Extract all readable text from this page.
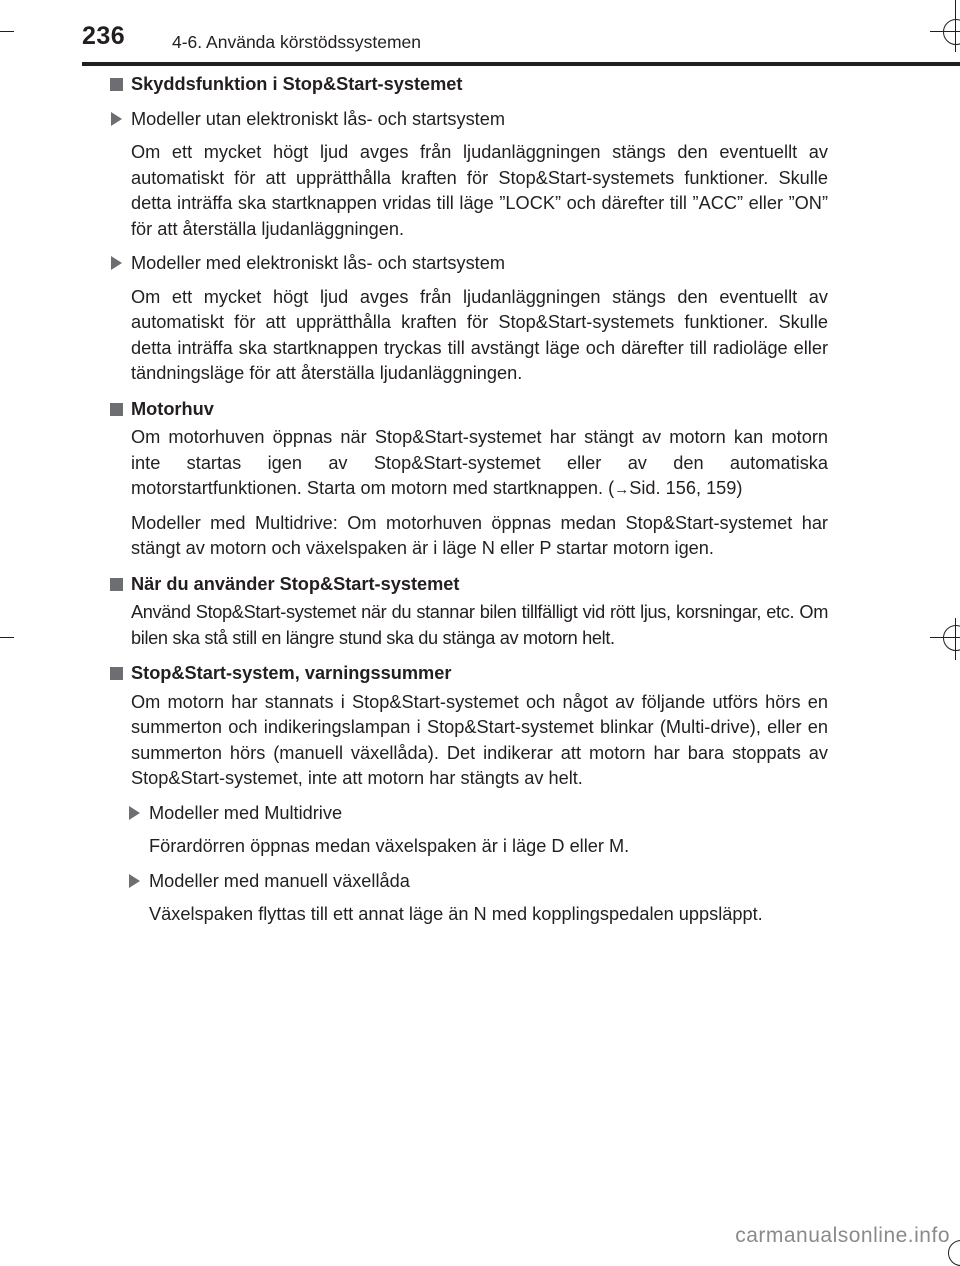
236	4-6. Använda körstödssystemen
Skyddsfunktion i Stop&Start-systemet
Modeller utan elektroniskt lås- och startsystem
Om ett mycket högt ljud avges från ljudanläggningen stängs den eventuellt av automatiskt för att upprätthålla kraften för Stop&Start-systemets funktioner. Skulle detta inträffa ska startknappen vridas till läge ”LOCK” och därefter till ”ACC” eller ”ON” för att återställa ljudanläggningen.
Modeller med elektroniskt lås- och startsystem
Om ett mycket högt ljud avges från ljudanläggningen stängs den eventuellt av automatiskt för att upprätthålla kraften för Stop&Start-systemets funktioner. Skulle detta inträffa ska startknappen tryckas till avstängt läge och därefter till radioläge eller tändningsläge för att återställa ljudanläggningen.
Motorhuv
Om motorhuven öppnas när Stop&Start-systemet har stängt av motorn kan motorn inte startas igen av Stop&Start-systemet eller av den automatiska motorstartfunktionen. Starta om motorn med startknappen. (→Sid. 156, 159)
Modeller med Multidrive: Om motorhuven öppnas medan Stop&Start-systemet har stängt av motorn och växelspaken är i läge N eller P startar motorn igen.
När du använder Stop&Start-systemet
Använd Stop&Start-systemet när du stannar bilen tillfälligt vid rött ljus, korsningar, etc. Om bilen ska stå still en längre stund ska du stänga av motorn helt.
Stop&Start-system, varningssummer
Om motorn har stannats i Stop&Start-systemet och något av följande utförs hörs en summerton och indikeringslampan i Stop&Start-systemet blinkar (Multi-drive), eller en summerton hörs (manuell växellåda). Det indikerar att motorn har bara stoppats av Stop&Start-systemet, inte att motorn har stängts av helt.
Modeller med Multidrive
Förardörren öppnas medan växelspaken är i läge D eller M.
Modeller med manuell växellåda
Växelspaken flyttas till ett annat läge än N med kopplingspedalen uppsläppt.
carmanualsonline.info
